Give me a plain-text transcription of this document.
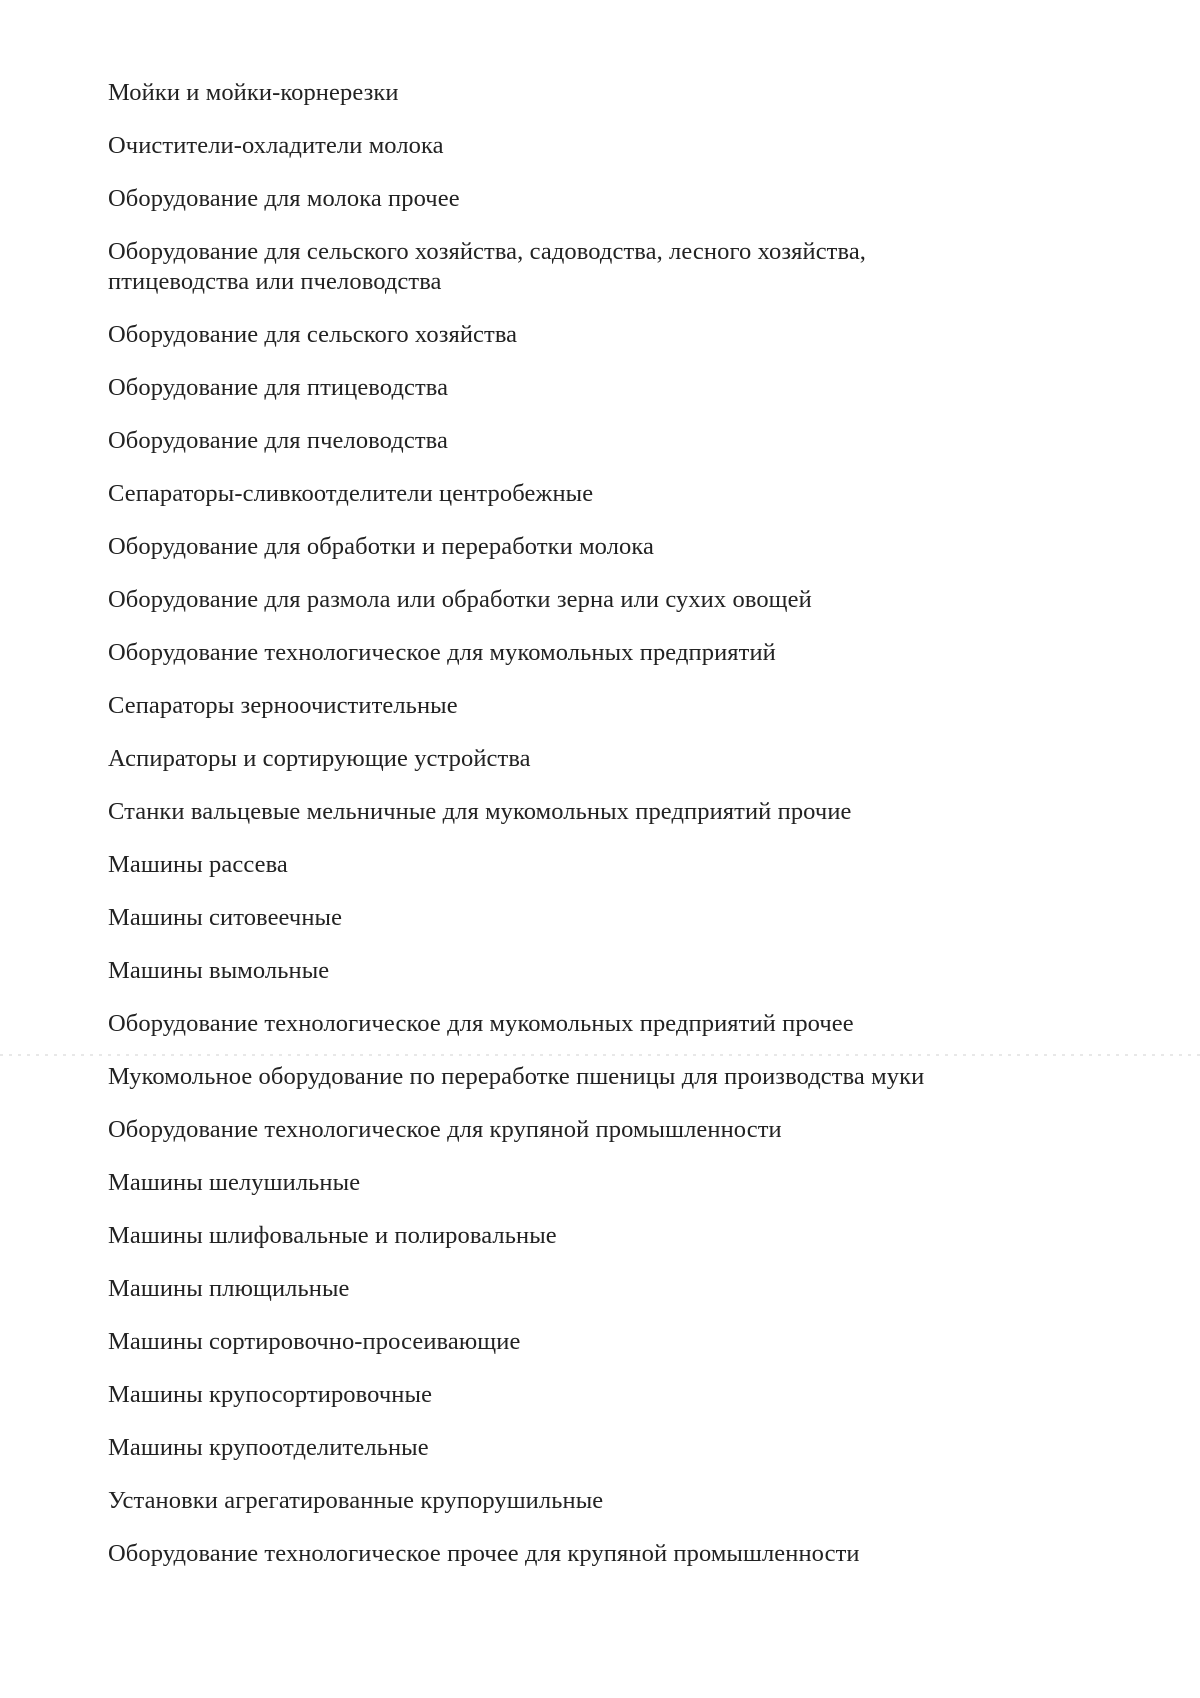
Мойки и мойки-корнерезки
Очистители-охладители молока
Оборудование для молока прочее
Оборудование для сельского хозяйства, садоводства, лесного хозяйства, птицеводства или пчеловодства
Оборудование для сельского хозяйства
Оборудование для птицеводства
Оборудование для пчеловодства
Сепараторы-сливкоотделители центробежные
Оборудование для обработки и переработки молока
Оборудование для размола или обработки зерна или сухих овощей
Оборудование технологическое для мукомольных предприятий
Сепараторы зерноочистительные
Аспираторы и сортирующие устройства
Станки вальцевые мельничные для мукомольных предприятий прочие
Машины рассева
Машины ситовеечные
Машины вымольные
Оборудование технологическое для мукомольных предприятий прочее
Мукомольное оборудование по переработке пшеницы для производства муки
Оборудование технологическое для крупяной промышленности
Машины шелушильные
Машины шлифовальные и полировальные
Машины плющильные
Машины сортировочно-просеивающие
Машины крупосортировочные
Машины крупоотделительные
Установки агрегатированные крупорушильные
Оборудование технологическое прочее для крупяной промышленности
